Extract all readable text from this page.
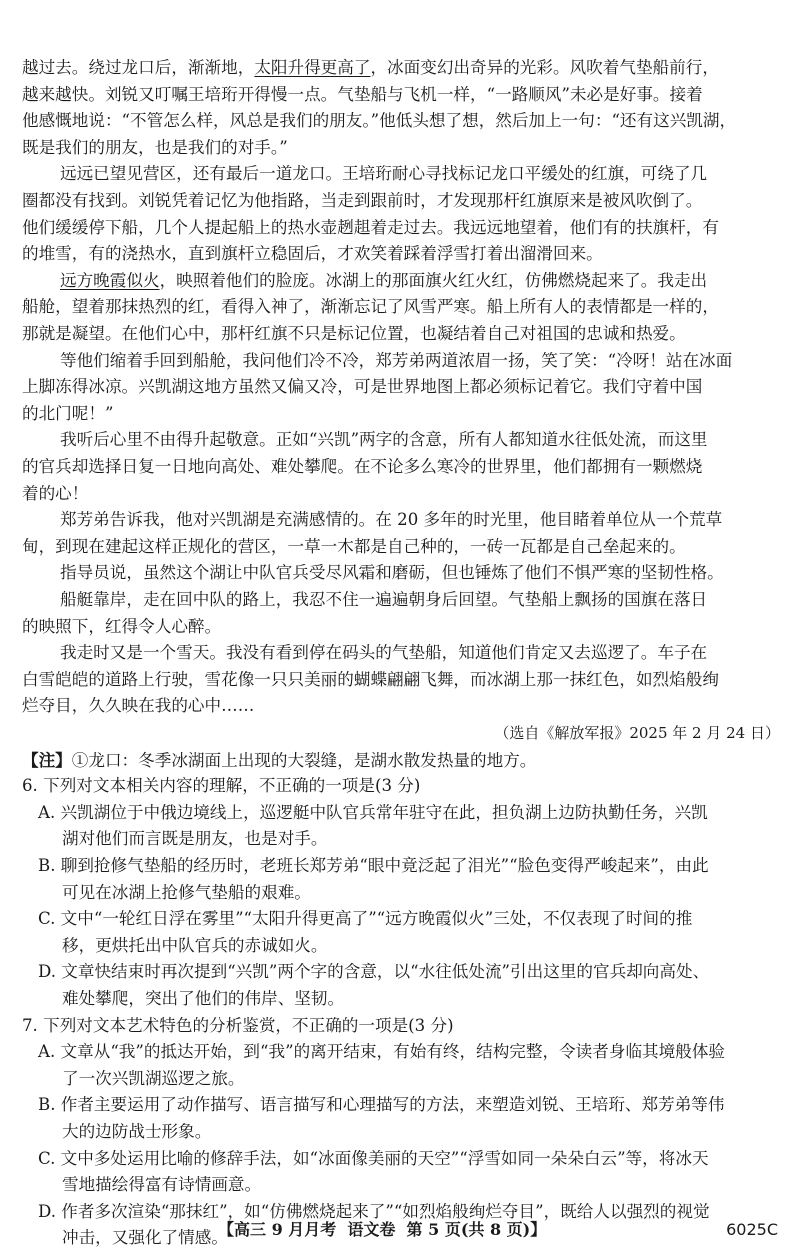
越过去。绕过龙口后，渐渐地，太阳升得更高了，冰面变幻出奇异的光彩。风吹着气垫船前行，
越来越快。刘锐又叮嘱王培珩开得慢一点。气垫船与飞机一样，“一路顺风”未必是好事。接着
他感慨地说：“不管怎么样，风总是我们的朋友。”他低头想了想，然后加上一句：“还有这兴凯湖，
既是我们的朋友，也是我们的对手。”
远远已望见营区，还有最后一道龙口。王培珩耐心寻找标记龙口平缓处的红旗，可绕了几
圈都没有找到。刘锐凭着记忆为他指路，当走到跟前时，才发现那杆红旗原来是被风吹倒了。
他们缓缓停下船，几个人提起船上的热水壶趔趄着走过去。我远远地望着，他们有的扶旗杆，有
的堆雪，有的浇热水，直到旗杆立稳固后，才欢笑着踩着浮雪打着出溜滑回来。
远方晚霞似火，映照着他们的脸庞。冰湖上的那面旗火红火红，仿佛燃烧起来了。我走出
船舱，望着那抹热烈的红，看得入神了，渐渐忘记了风雪严寒。船上所有人的表情都是一样的，
那就是凝望。在他们心中，那杆红旗不只是标记位置，也凝结着自己对祖国的忠诚和热爱。
等他们缩着手回到船舱，我问他们冷不冷，郑芳弟两道浓眉一扬，笑了笑：“冷呀！站在冰面
上脚冻得冰凉。兴凯湖这地方虽然又偏又冷，可是世界地图上都必须标记着它。我们守着中国
的北门呢！”
我听后心里不由得升起敬意。正如“兴凯”两字的含意，所有人都知道水往低处流，而这里
的官兵却选择日复一日地向高处、难处攀爬。在不论多么寒冷的世界里，他们都拥有一颗燃烧
着的心！
郑芳弟告诉我，他对兴凯湖是充满感情的。在 20 多年的时光里，他目睹着单位从一个荒草
甸，到现在建起这样正规化的营区，一草一木都是自己种的，一砖一瓦都是自己垒起来的。
指导员说，虽然这个湖让中队官兵受尽风霜和磨砺，但也锤炼了他们不惧严寒的坚韧性格。
船艇靠岸，走在回中队的路上，我忍不住一遍遍朝身后回望。气垫船上飘扬的国旗在落日
的映照下，红得令人心醉。
我走时又是一个雪天。我没有看到停在码头的气垫船，知道他们肯定又去巡逻了。车子在
白雪皑皑的道路上行驶，雪花像一只只美丽的蝴蝶翩翩飞舞，而冰湖上那一抹红色，如烈焰般绚
烂夺目，久久映在我的心中……
（选自《解放军报》2025 年 2 月 24 日）
【注】①龙口：冬季冰湖面上出现的大裂缝，是湖水散发热量的地方。
6. 下列对文本相关内容的理解，不正确的一项是(3 分)
A. 兴凯湖位于中俄边境线上，巡逻艇中队官兵常年驻守在此，担负湖上边防执勤任务，兴凯
湖对他们而言既是朋友，也是对手。
B. 聊到抢修气垫船的经历时，老班长郑芳弟“眼中竟泛起了泪光”“脸色变得严峻起来”，由此
可见在冰湖上抢修气垫船的艰难。
C. 文中“一轮红日浮在雾里”“太阳升得更高了”“远方晚霞似火”三处，不仅表现了时间的推
移，更烘托出中队官兵的赤诚如火。
D. 文章快结束时再次提到“兴凯”两个字的含意，以“水往低处流”引出这里的官兵却向高处、
难处攀爬，突出了他们的伟岸、坚韧。
7. 下列对文本艺术特色的分析鉴赏，不正确的一项是(3 分)
A. 文章从“我”的抵达开始，到“我”的离开结束，有始有终，结构完整，令读者身临其境般体验
了一次兴凯湖巡逻之旅。
B. 作者主要运用了动作描写、语言描写和心理描写的方法，来塑造刘锐、王培珩、郑芳弟等伟
大的边防战士形象。
C. 文中多处运用比喻的修辞手法，如“冰面像美丽的天空”“浮雪如同一朵朵白云”等，将冰天
雪地描绘得富有诗情画意。
D. 作者多次渲染“那抹红”，如“仿佛燃烧起来了”“如烈焰般绚烂夺目”，既给人以强烈的视觉
冲击，又强化了情感。
【高三 9 月月考  语文卷  第 5 页(共 8 页)】	6025C
